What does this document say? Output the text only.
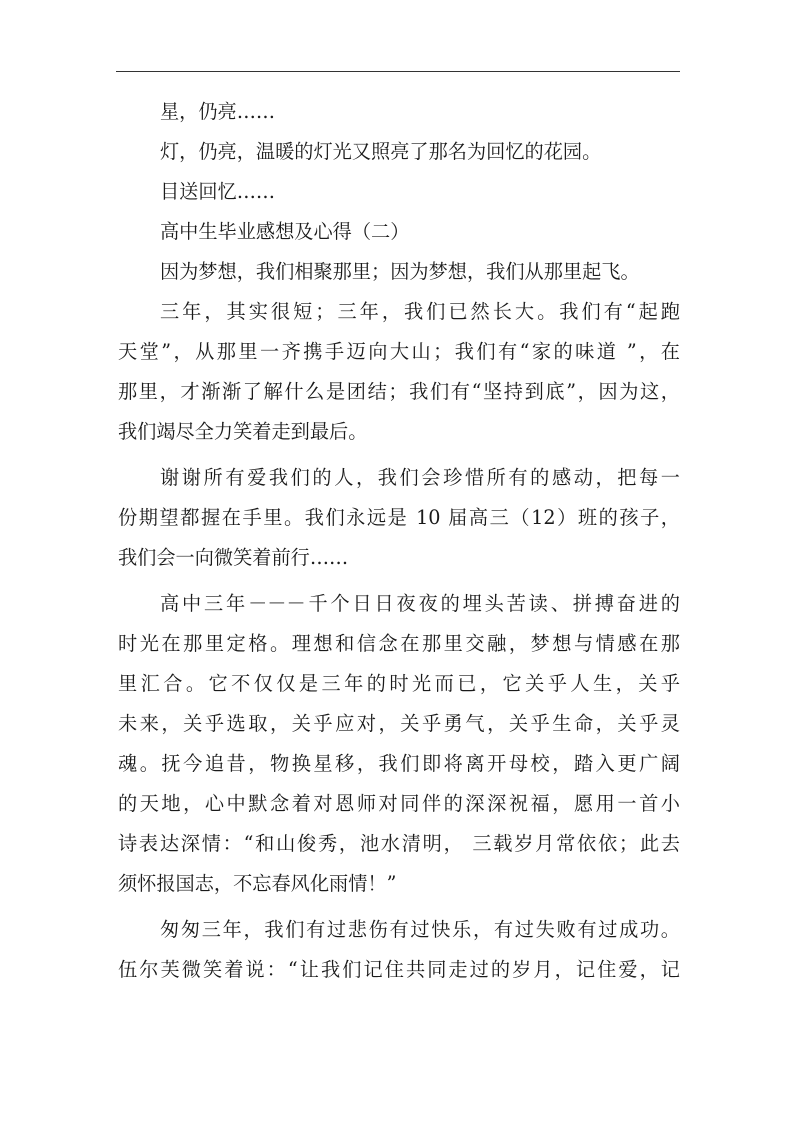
星，仍亮……
灯，仍亮，温暖的灯光又照亮了那名为回忆的花园。
目送回忆……
高中生毕业感想及心得（二）
因为梦想，我们相聚那里；因为梦想，我们从那里起飞。
三年，其实很短；三年，我们已然长大。我们有“起跑
天堂”，从那里一齐携手迈向大山；我们有“家的味道 ”，在
那里，才渐渐了解什么是团结；我们有“坚持到底”，因为这，
我们竭尽全力笑着走到最后。
谢谢所有爱我们的人，我们会珍惜所有的感动，把每一
份期望都握在手里。我们永远是 10 届高三（12）班的孩子，
我们会一向微笑着前行……
高中三年－－－千个日日夜夜的埋头苦读、拼搏奋进的
时光在那里定格。理想和信念在那里交融，梦想与情感在那
里汇合。它不仅仅是三年的时光而已，它关乎人生，关乎
未来，关乎选取，关乎应对，关乎勇气，关乎生命，关乎灵
魂。抚今追昔，物换星移，我们即将离开母校，踏入更广阔
的天地，心中默念着对恩师对同伴的深深祝福，愿用一首小
诗表达深情：“和山俊秀，池水清明， 三载岁月常依依；此去
须怀报国志，不忘春风化雨情！”
匆匆三年，我们有过悲伤有过快乐，有过失败有过成功。
伍尔芙微笑着说：“让我们记住共同走过的岁月，记住爱，记
